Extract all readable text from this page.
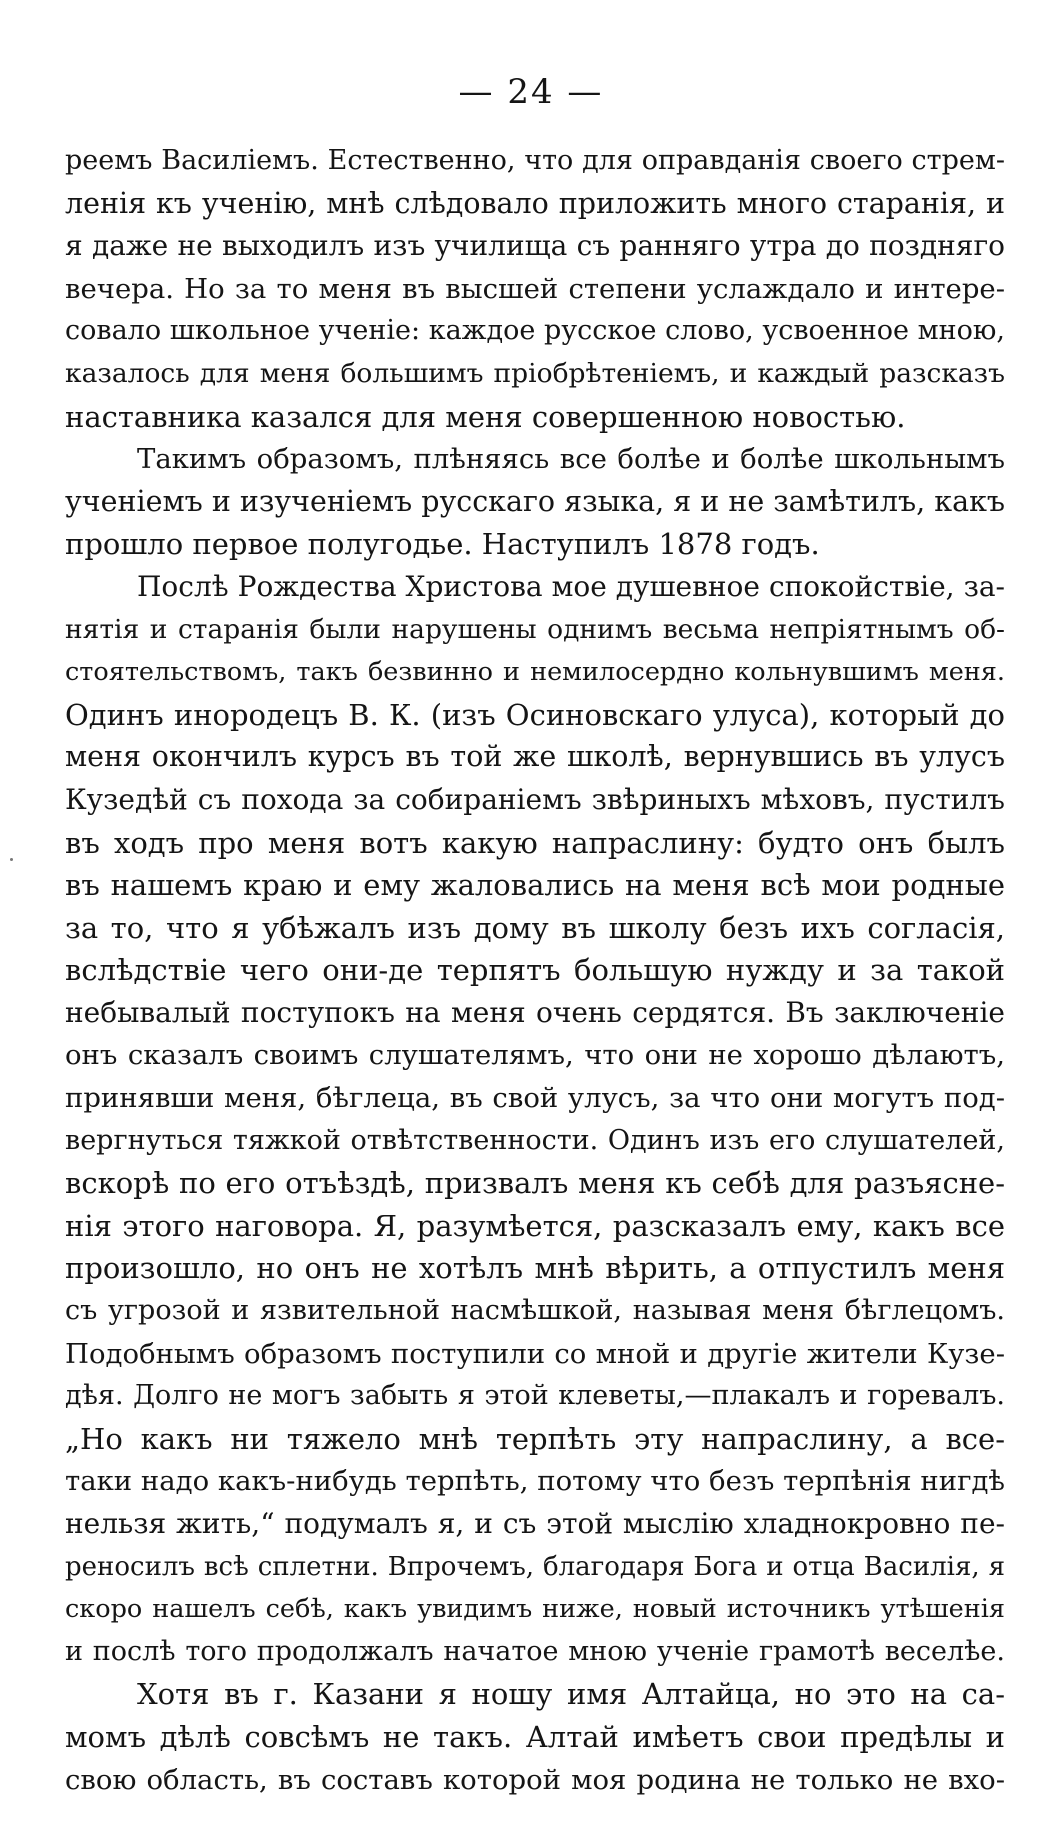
— 24 —
реемъ Василіемъ. Естественно, что для оправданія своего стрем-
ленія къ ученію, мнѣ слѣдовало приложить много старанія, и
я даже не выходилъ изъ училища съ ранняго утра до поздняго
вечера. Но за то меня въ высшей степени услаждало и интере-
совало школьное ученіе: каждое русское слово, усвоенное мною,
казалось для меня большимъ пріобрѣтеніемъ, и каждый разсказъ
наставника казался для меня совершенною новостью.
Такимъ образомъ, плѣняясь все болѣе и болѣе школьнымъ
ученіемъ и изученіемъ русскаго языка, я и не замѣтилъ, какъ
прошло первое полугодье. Наступилъ 1878 годъ.
Послѣ Рождества Христова мое душевное спокойствіе, за-
нятія и старанія были нарушены однимъ весьма непріятнымъ об-
стоятельствомъ, такъ безвинно и немилосердно кольнувшимъ меня.
Одинъ инородецъ В. К. (изъ Осиновскаго улуса), который до
меня окончилъ курсъ въ той же школѣ, вернувшись въ улусъ
Кузедѣй съ похода за собираніемъ звѣриныхъ мѣховъ, пустилъ
въ ходъ про меня вотъ какую напраслину: будто онъ былъ
въ нашемъ краю и ему жаловались на меня всѣ мои родные
за то, что я убѣжалъ изъ дому въ школу безъ ихъ согласія,
вслѣдствіе чего они-де терпятъ большую нужду и за такой
небывалый поступокъ на меня очень сердятся. Въ заключеніе
онъ сказалъ своимъ слушателямъ, что они не хорошо дѣлаютъ,
принявши меня, бѣглеца, въ свой улусъ, за что они могутъ под-
вергнуться тяжкой отвѣтственности. Одинъ изъ его слушателей,
вскорѣ по его отъѣздѣ, призвалъ меня къ себѣ для разъясне-
нія этого наговора. Я, разумѣется, разсказалъ ему, какъ все
произошло, но онъ не хотѣлъ мнѣ вѣрить, а отпустилъ меня
съ угрозой и язвительной насмѣшкой, называя меня бѣглецомъ.
Подобнымъ образомъ поступили со мной и другіе жители Кузе-
дѣя. Долго не могъ забыть я этой клеветы,—плакалъ и горевалъ.
„Но какъ ни тяжело мнѣ терпѣть эту напраслину, а все-
таки надо какъ-нибудь терпѣть, потому что безъ терпѣнія нигдѣ
нельзя жить,“ подумалъ я, и съ этой мыслію хладнокровно пе-
реносилъ всѣ сплетни. Впрочемъ, благодаря Бога и отца Василія, я
скоро нашелъ себѣ, какъ увидимъ ниже, новый источникъ утѣшенія
и послѣ того продолжалъ начатое мною ученіе грамотѣ веселѣе.
Хотя въ г. Казани я ношу имя Алтайца, но это на са-
момъ дѣлѣ совсѣмъ не такъ. Алтай имѣетъ свои предѣлы и
свою область, въ составъ которой моя родина не только не вхо-
